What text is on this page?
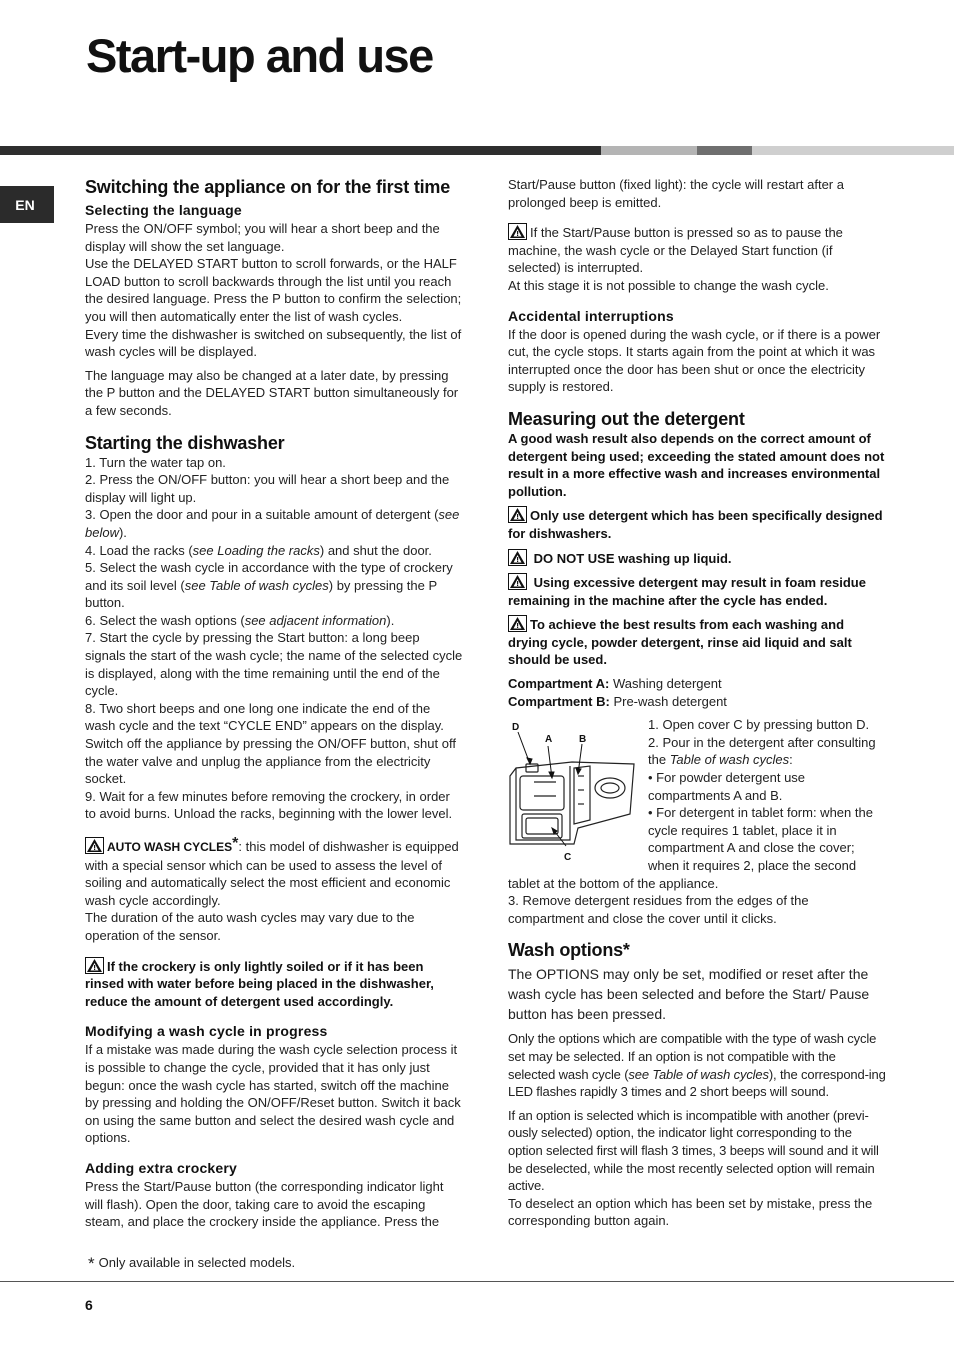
Start-up and use
EN
Switching the appliance on for the first time
Selecting the language

Press the ON/OFF symbol; you will hear a short beep and the display will show the set language.

Use the DELAYED START button to scroll forwards, or the HALF LOAD button to scroll backwards through the list until you reach the desired language. Press the P button to confirm the selection; you will then automatically enter the list of wash cycles.

Every time the dishwasher is switched on subsequently, the list of wash cycles will be displayed.

The language may also be changed at a later date, by pressing the P button and the DELAYED START button simultaneously for a few seconds.

Starting the dishwasher

1. Turn the water tap on.

2. Press the ON/OFF button: you will hear a short beep and the display will light up.

3. Open the door and pour in a suitable amount of detergent (see below).

4. Load the racks (see Loading the racks) and shut the door.

5. Select the wash cycle in accordance with the type of crockery and its soil level (see Table of wash cycles) by pressing the P button.

6. Select the wash options (see adjacent information).

7. Start the cycle by pressing the Start button: a long beep signals the start of the wash cycle; the name of the selected cycle is displayed, along with the time remaining until the end of the cycle.

8. Two short beeps and one long one indicate the end of the wash cycle and the text “CYCLE END” appears on the display. Switch off the appliance by pressing the ON/OFF button, shut off the water valve and unplug the appliance from the electricity socket.

9. Wait for a few minutes before removing the crockery, in order to avoid burns. Unload the racks, beginning with the lower level.

AUTO WASH CYCLES*: this model of dishwasher is equipped with a special sensor which can be used to assess the level of soiling and automatically select the most efficient and economic wash cycle accordingly.

The duration of the auto wash cycles may vary due to the operation of the sensor.

If the crockery is only lightly soiled or if it has been rinsed with water before being placed in the dishwasher, reduce the amount of detergent used accordingly.

Modifying a wash cycle in progress

If a mistake was made during the wash cycle selection process it is possible to change the cycle, provided that it has only just begun: once the wash cycle has started, switch off the machine by pressing and holding the ON/OFF/Reset button. Switch it back on using the same button and select the desired wash cycle and options.

Adding extra crockery

Press the Start/Pause button (the corresponding indicator light will flash). Open the door, taking care to avoid the escaping steam, and place the crockery inside the appliance. Press the

* Only available in selected models.

Start/Pause button (fixed light): the cycle will restart after a prolonged beep is emitted.

If the Start/Pause button is pressed so as to pause the machine, the wash cycle or the Delayed Start function (if selected) is interrupted.

At this stage it is not possible to change the wash cycle.

Accidental interruptions

If the door is opened during the wash cycle, or if there is a power cut, the cycle stops. It starts again from the point at which it was interrupted once the door has been shut or once the electricity supply is restored.

Measuring out the detergent

A good wash result also depends on the correct amount of detergent being used; exceeding the stated amount does not result in a more effective wash and increases environmental pollution.

Only use detergent which has been specifically designed for dishwashers.

DO NOT USE washing up liquid.

Using excessive detergent may result in foam residue remaining in the machine after the cycle has ended.

To achieve the best results from each washing and drying cycle, powder detergent, rinse aid liquid and salt should be used.

Compartment A: Washing detergent

Compartment B: Pre-wash detergent

D
A	B
C

1. Open cover C by pressing button D.

2. Pour in the detergent after consulting the Table of wash cycles:

• For powder detergent use compartments A and B.

• For detergent in tablet form: when the cycle requires 1 tablet, place it in compartment A and close the cover; when it requires 2, place the second

tablet at the bottom of the appliance.

3. Remove detergent residues from the edges of the compartment and close the cover until it clicks.

Wash options*

The OPTIONS may only be set, modified or reset after the wash cycle has been selected and before the Start/ Pause button has been pressed.

Only the options which are compatible with the type of wash cycle set may be selected. If an option is not compatible with the selected wash cycle (see Table of wash cycles), the correspond-ing LED flashes rapidly 3 times and 2 short beeps will sound.

If an option is selected which is incompatible with another (previ-ously selected) option, the indicator light corresponding to the option selected first will flash 3 times, 3 beeps will sound and it will be deselected, while the most recently selected option will remain active.

To deselect an option which has been set by mistake, press the corresponding button again.

6
